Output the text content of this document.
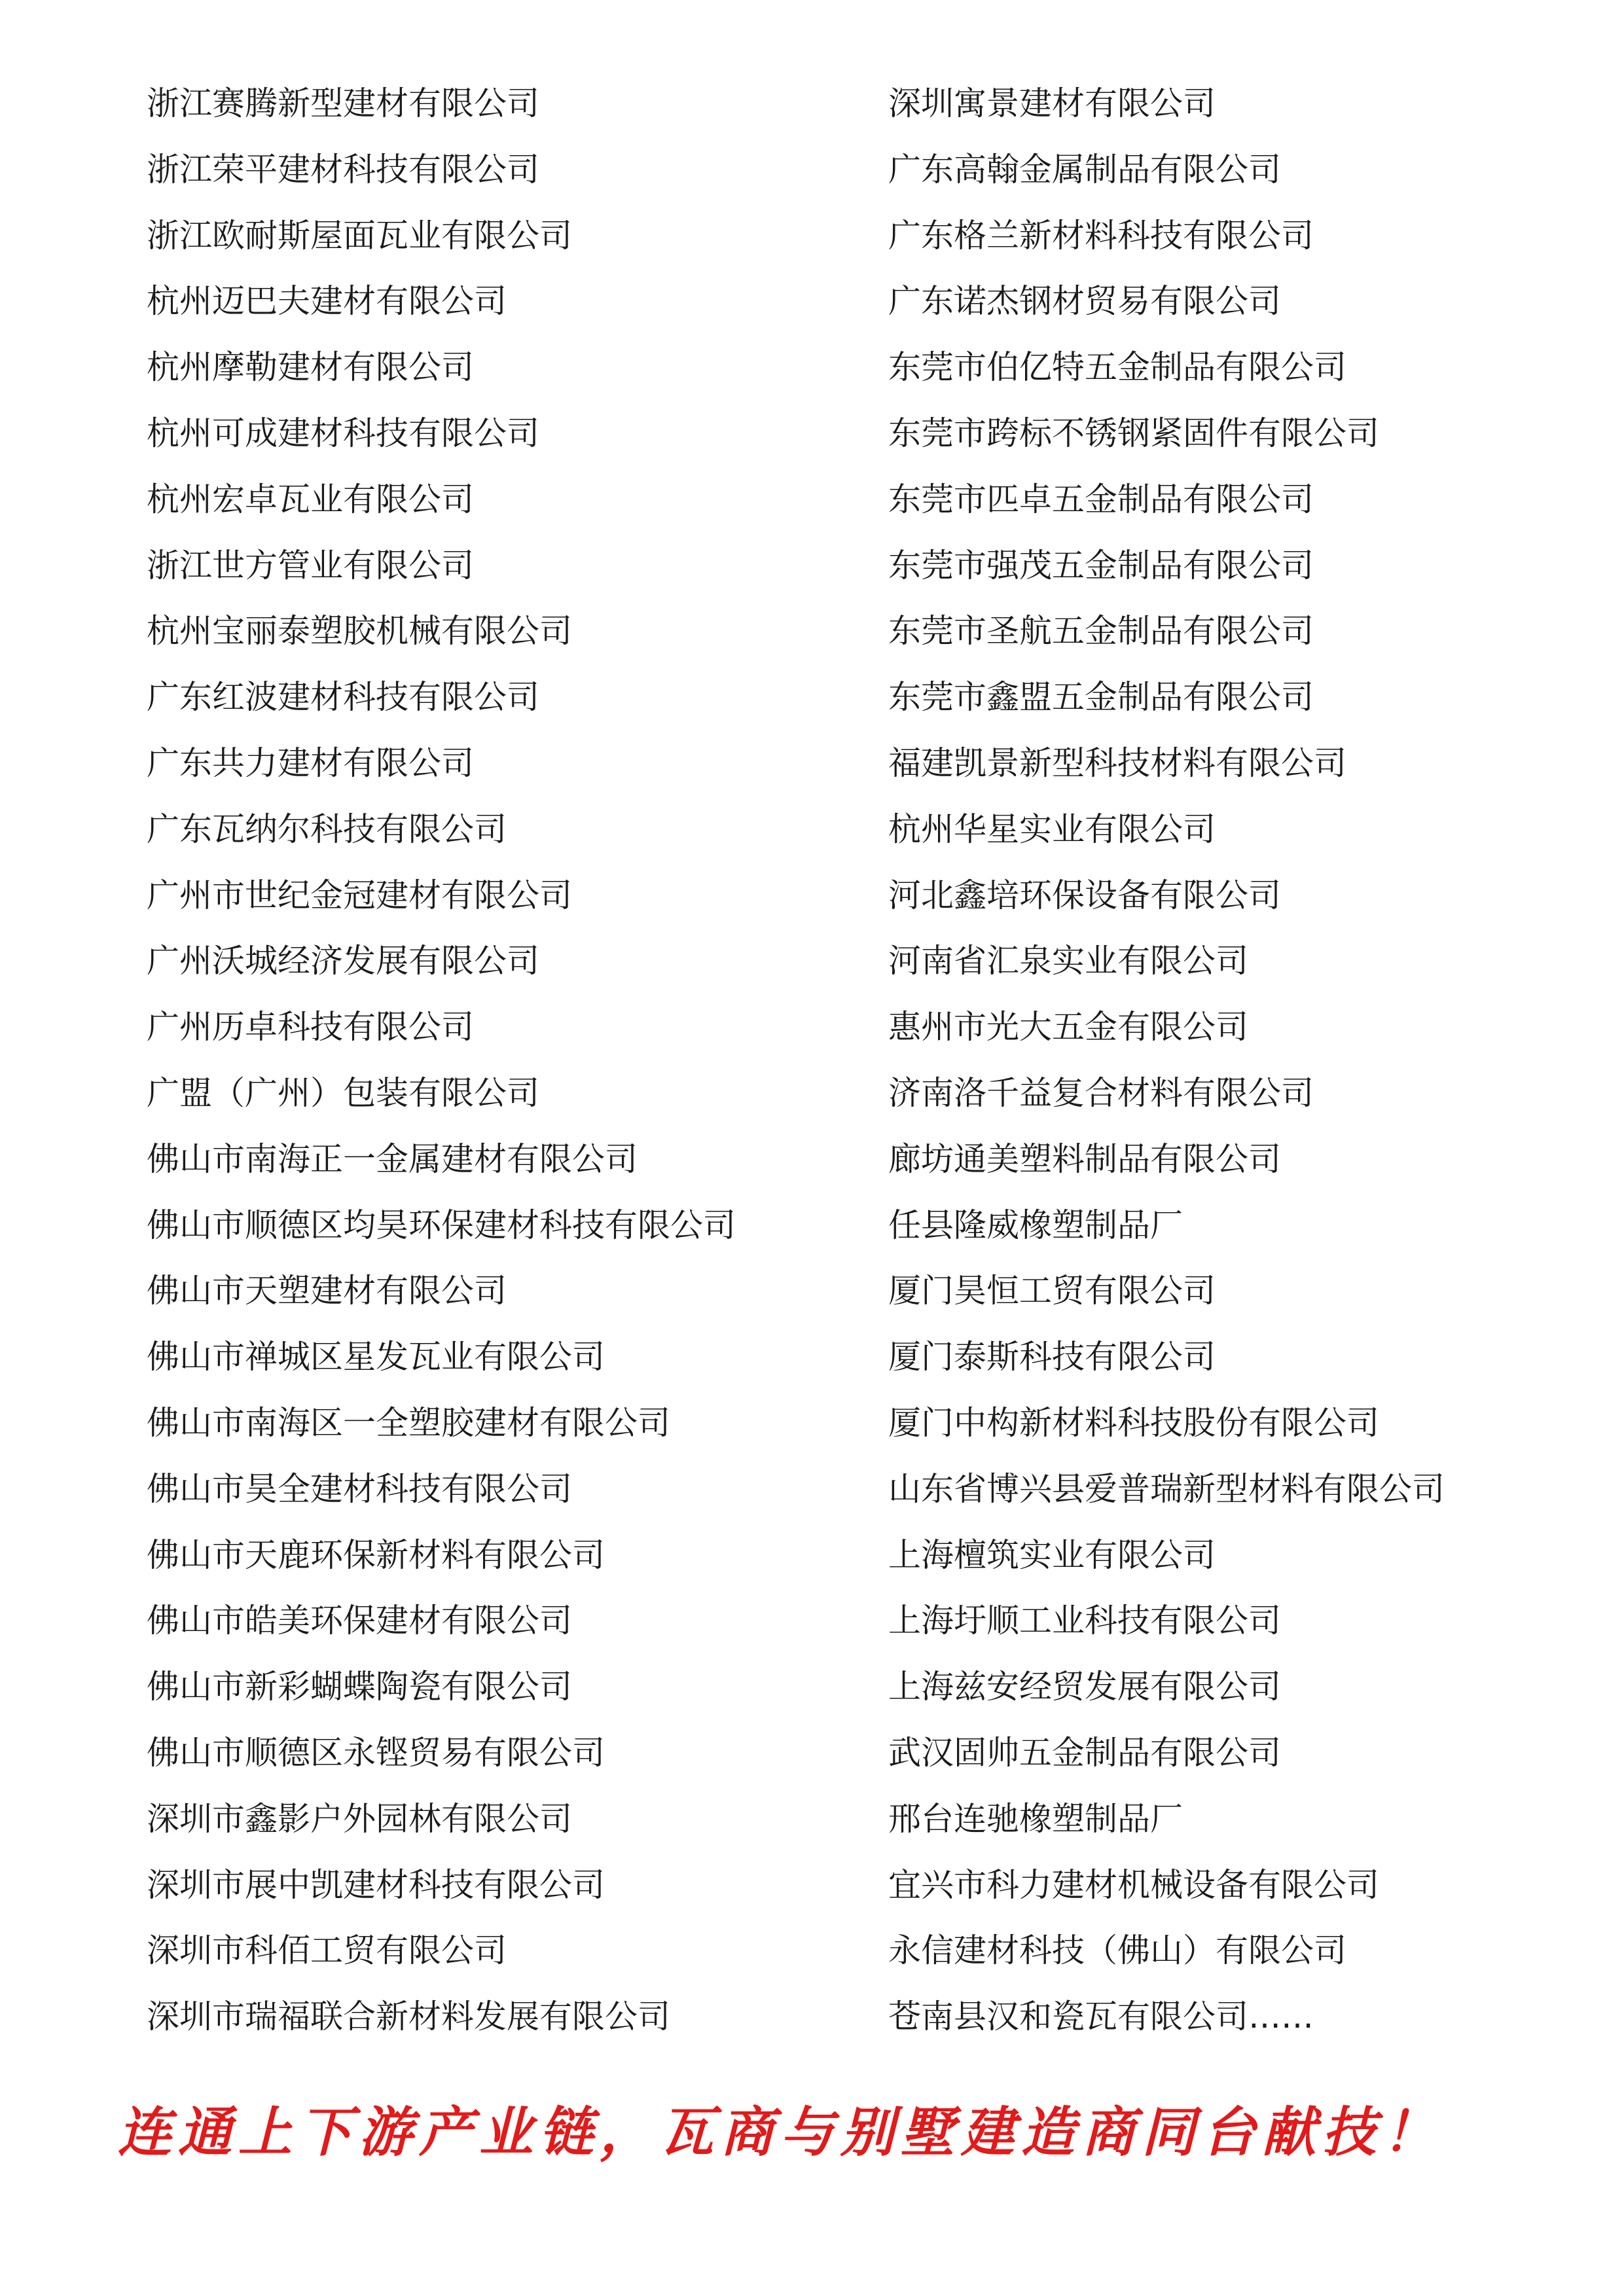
浙江赛腾新型建材有限公司
浙江荣平建材科技有限公司
浙江欧耐斯屋面瓦业有限公司
杭州迈巴夫建材有限公司
杭州摩勒建材有限公司
杭州可成建材科技有限公司
杭州宏卓瓦业有限公司
浙江世方管业有限公司
杭州宝丽泰塑胶机械有限公司
广东红波建材科技有限公司
广东共力建材有限公司
广东瓦纳尔科技有限公司
广州市世纪金冠建材有限公司
广州沃城经济发展有限公司
广州历卓科技有限公司
广盟（广州）包装有限公司
佛山市南海正一金属建材有限公司
佛山市顺德区均昊环保建材科技有限公司
佛山市天塑建材有限公司
佛山市禅城区星发瓦业有限公司
佛山市南海区一全塑胶建材有限公司
佛山市昊全建材科技有限公司
佛山市天鹿环保新材料有限公司
佛山市皓美环保建材有限公司
佛山市新彩蝴蝶陶瓷有限公司
佛山市顺德区永铿贸易有限公司
深圳市鑫影户外园林有限公司
深圳市展中凯建材科技有限公司
深圳市科佰工贸有限公司
深圳市瑞福联合新材料发展有限公司
深圳寓景建材有限公司
广东高翰金属制品有限公司
广东格兰新材料科技有限公司
广东诺杰钢材贸易有限公司
东莞市伯亿特五金制品有限公司
东莞市跨标不锈钢紧固件有限公司
东莞市匹卓五金制品有限公司
东莞市强茂五金制品有限公司
东莞市圣航五金制品有限公司
东莞市鑫盟五金制品有限公司
福建凯景新型科技材料有限公司
杭州华星实业有限公司
河北鑫培环保设备有限公司
河南省汇泉实业有限公司
惠州市光大五金有限公司
济南洛千益复合材料有限公司
廊坊通美塑料制品有限公司
任县隆威橡塑制品厂
厦门昊恒工贸有限公司
厦门泰斯科技有限公司
厦门中构新材料科技股份有限公司
山东省博兴县爱普瑞新型材料有限公司
上海檀筑实业有限公司
上海圩顺工业科技有限公司
上海兹安经贸发展有限公司
武汉固帅五金制品有限公司
邢台连驰橡塑制品厂
宜兴市科力建材机械设备有限公司
永信建材科技（佛山）有限公司
苍南县汉和瓷瓦有限公司……
连通上下游产业链，瓦商与别墅建造商同台献技！
